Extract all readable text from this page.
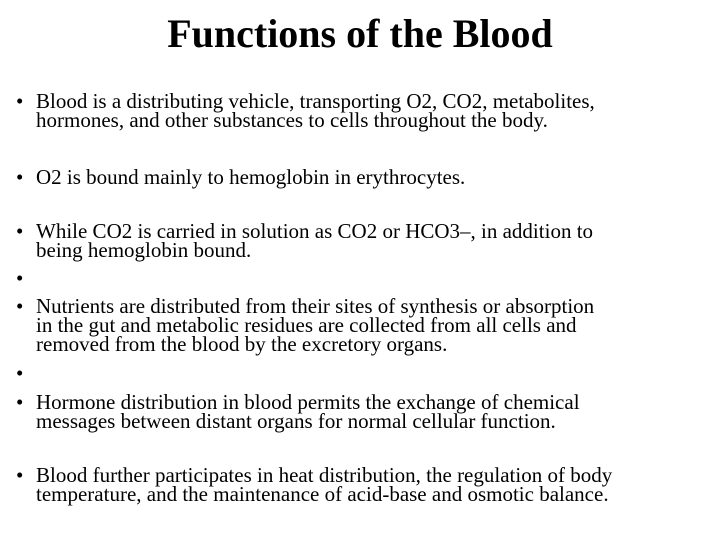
Functions of the Blood
• Blood is a distributing vehicle, transporting O2, CO2, metabolites,
hormones, and other substances to cells throughout the body.
• O2 is bound mainly to hemoglobin in erythrocytes.
• While CO2 is carried in solution as CO2 or HCO3–, in addition to
being hemoglobin bound.
•
• Nutrients are distributed from their sites of synthesis or absorption
in the gut and metabolic residues are collected from all cells and
removed from the blood by the excretory organs.
•
• Hormone distribution in blood permits the exchange of chemical
messages between distant organs for normal cellular function.
• Blood further participates in heat distribution, the regulation of body
temperature, and the maintenance of acid-base and osmotic balance.
